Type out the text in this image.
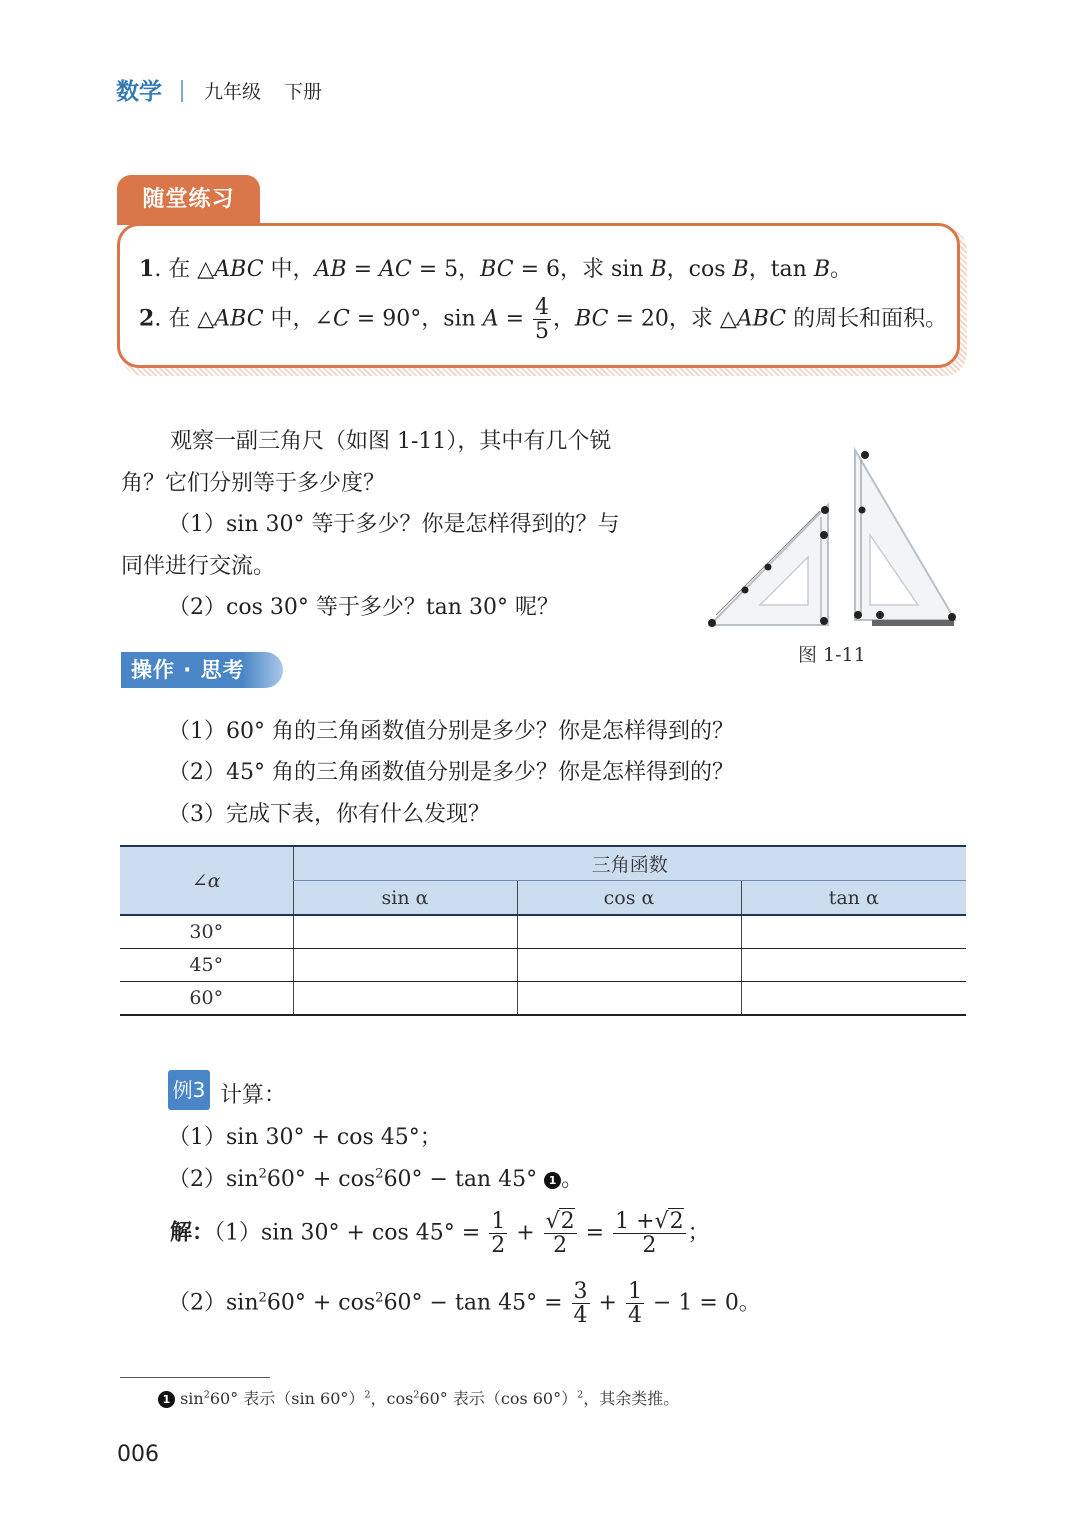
数学 九年级 下册
随堂练习
1. 在 △ABC 中，AB = AC = 5，BC = 6，求 sin B，cos B，tan B。
2. 在 △ABC 中，∠C = 90°，$\sin A = \frac{4}{5}$ ，BC = 20，求 △ABC 的周长和面积。
观察一副三角尺（如图 1-11），其中有几个锐
角？它们分别等于多少度？
（1）sin 30° 等于多少？你是怎样得到的？与
同伴进行交流。
（2）cos 30° 等于多少？tan 30° 呢？
图 1-11
操作 · 思考
（1）60° 角的三角函数值分别是多少？你是怎样得到的？
（2）45° 角的三角函数值分别是多少？你是怎样得到的？
（3）完成下表，你有什么发现？
∠α	三角函数		
	sin α	cos α	tan α
30°			
45°			
60°			
例3 计算：
（1）sin 30° + cos 45°；
$(2)\sin^260^\circ + \cos^260^\circ - \tan 45^\circ$ 1 。
解：（1）sin $30^\circ + \cos 45^\circ = \frac{1}{2} + \frac{√2}{2} = \frac{1 +√2}{2}$ ；
$(2)\sin^260^\circ + \cos^260^\circ - \tan 45^\circ = \frac{3}{4} + \frac{1}{4} - 1 = 0$。
1 $\sin^260^\circ$ 表示（sin 60°）$^2$，$\cos^260^\circ$ 表示（cos 60°）$^2$，其余类推。
006
